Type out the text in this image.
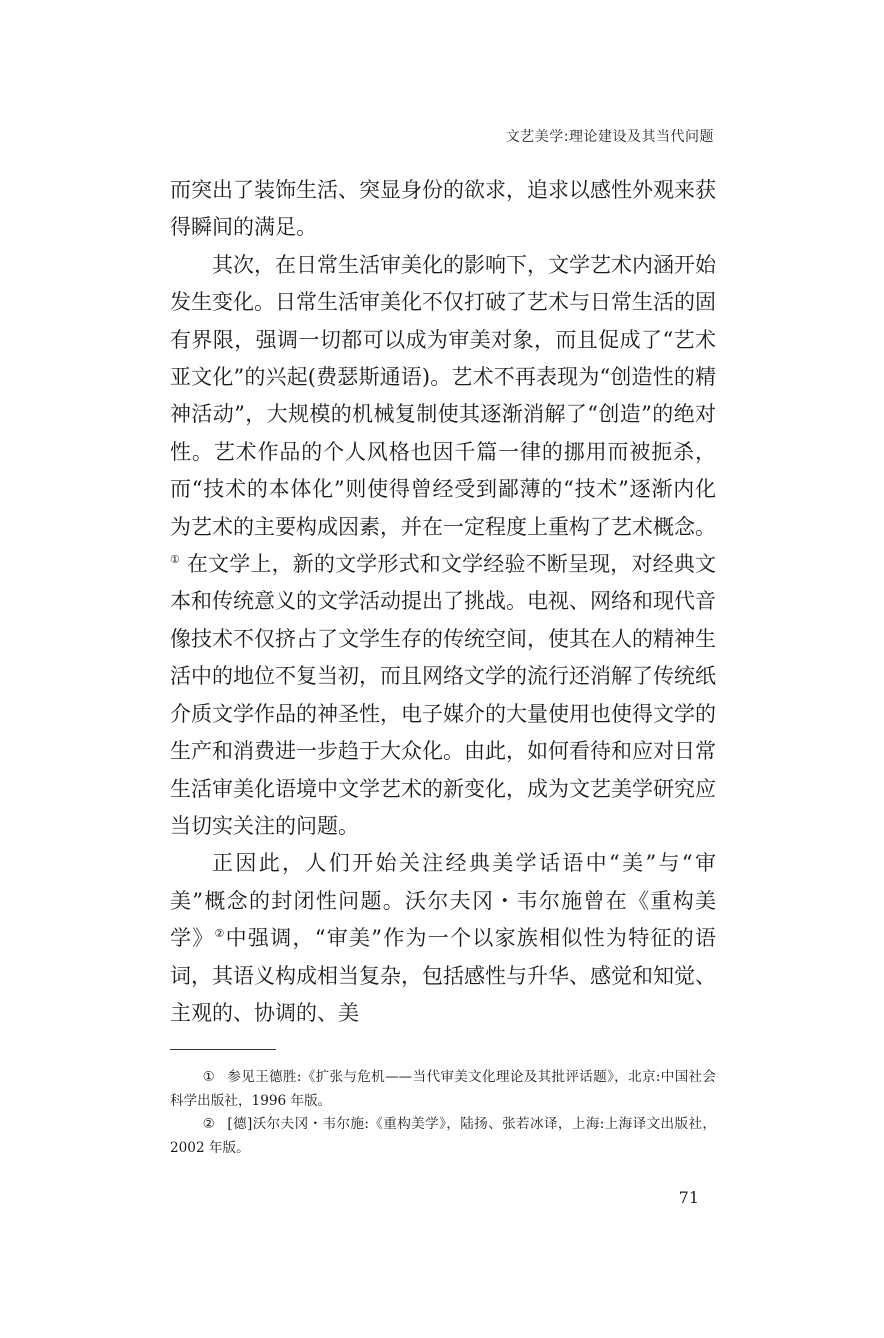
文艺美学:理论建设及其当代问题

而突出了装饰生活、突显身份的欲求，追求以感性外观来获得瞬间的满足。

其次，在日常生活审美化的影响下，文学艺术内涵开始发生变化。日常生活审美化不仅打破了艺术与日常生活的固有界限，强调一切都可以成为审美对象，而且促成了“艺术亚文化”的兴起(费瑟斯通语)。艺术不再表现为“创造性的精神活动”，大规模的机械复制使其逐渐消解了“创造”的绝对性。艺术作品的个人风格也因千篇一律的挪用而被扼杀，而“技术的本体化”则使得曾经受到鄙薄的“技术”逐渐内化为艺术的主要构成因素，并在一定程度上重构了艺术概念。① 在文学上，新的文学形式和文学经验不断呈现，对经典文本和传统意义的文学活动提出了挑战。电视、网络和现代音像技术不仅挤占了文学生存的传统空间，使其在人的精神生活中的地位不复当初，而且网络文学的流行还消解了传统纸介质文学作品的神圣性，电子媒介的大量使用也使得文学的生产和消费进一步趋于大众化。由此，如何看待和应对日常生活审美化语境中文学艺术的新变化，成为文艺美学研究应当切实关注的问题。

正因此，人们开始关注经典美学话语中“美”与“审美”概念的封闭性问题。沃尔夫冈・韦尔施曾在《重构美学》②中强调，“审美”作为一个以家族相似性为特征的语词，其语义构成相当复杂，包括感性与升华、感觉和知觉、主观的、协调的、美

① 参见王德胜:《扩张与危机——当代审美文化理论及其批评话题》，北京:中国社会科学出版社，1996 年版。

② [德]沃尔夫冈・韦尔施:《重构美学》，陆扬、张若冰译，上海:上海译文出版社，2002 年版。

71
